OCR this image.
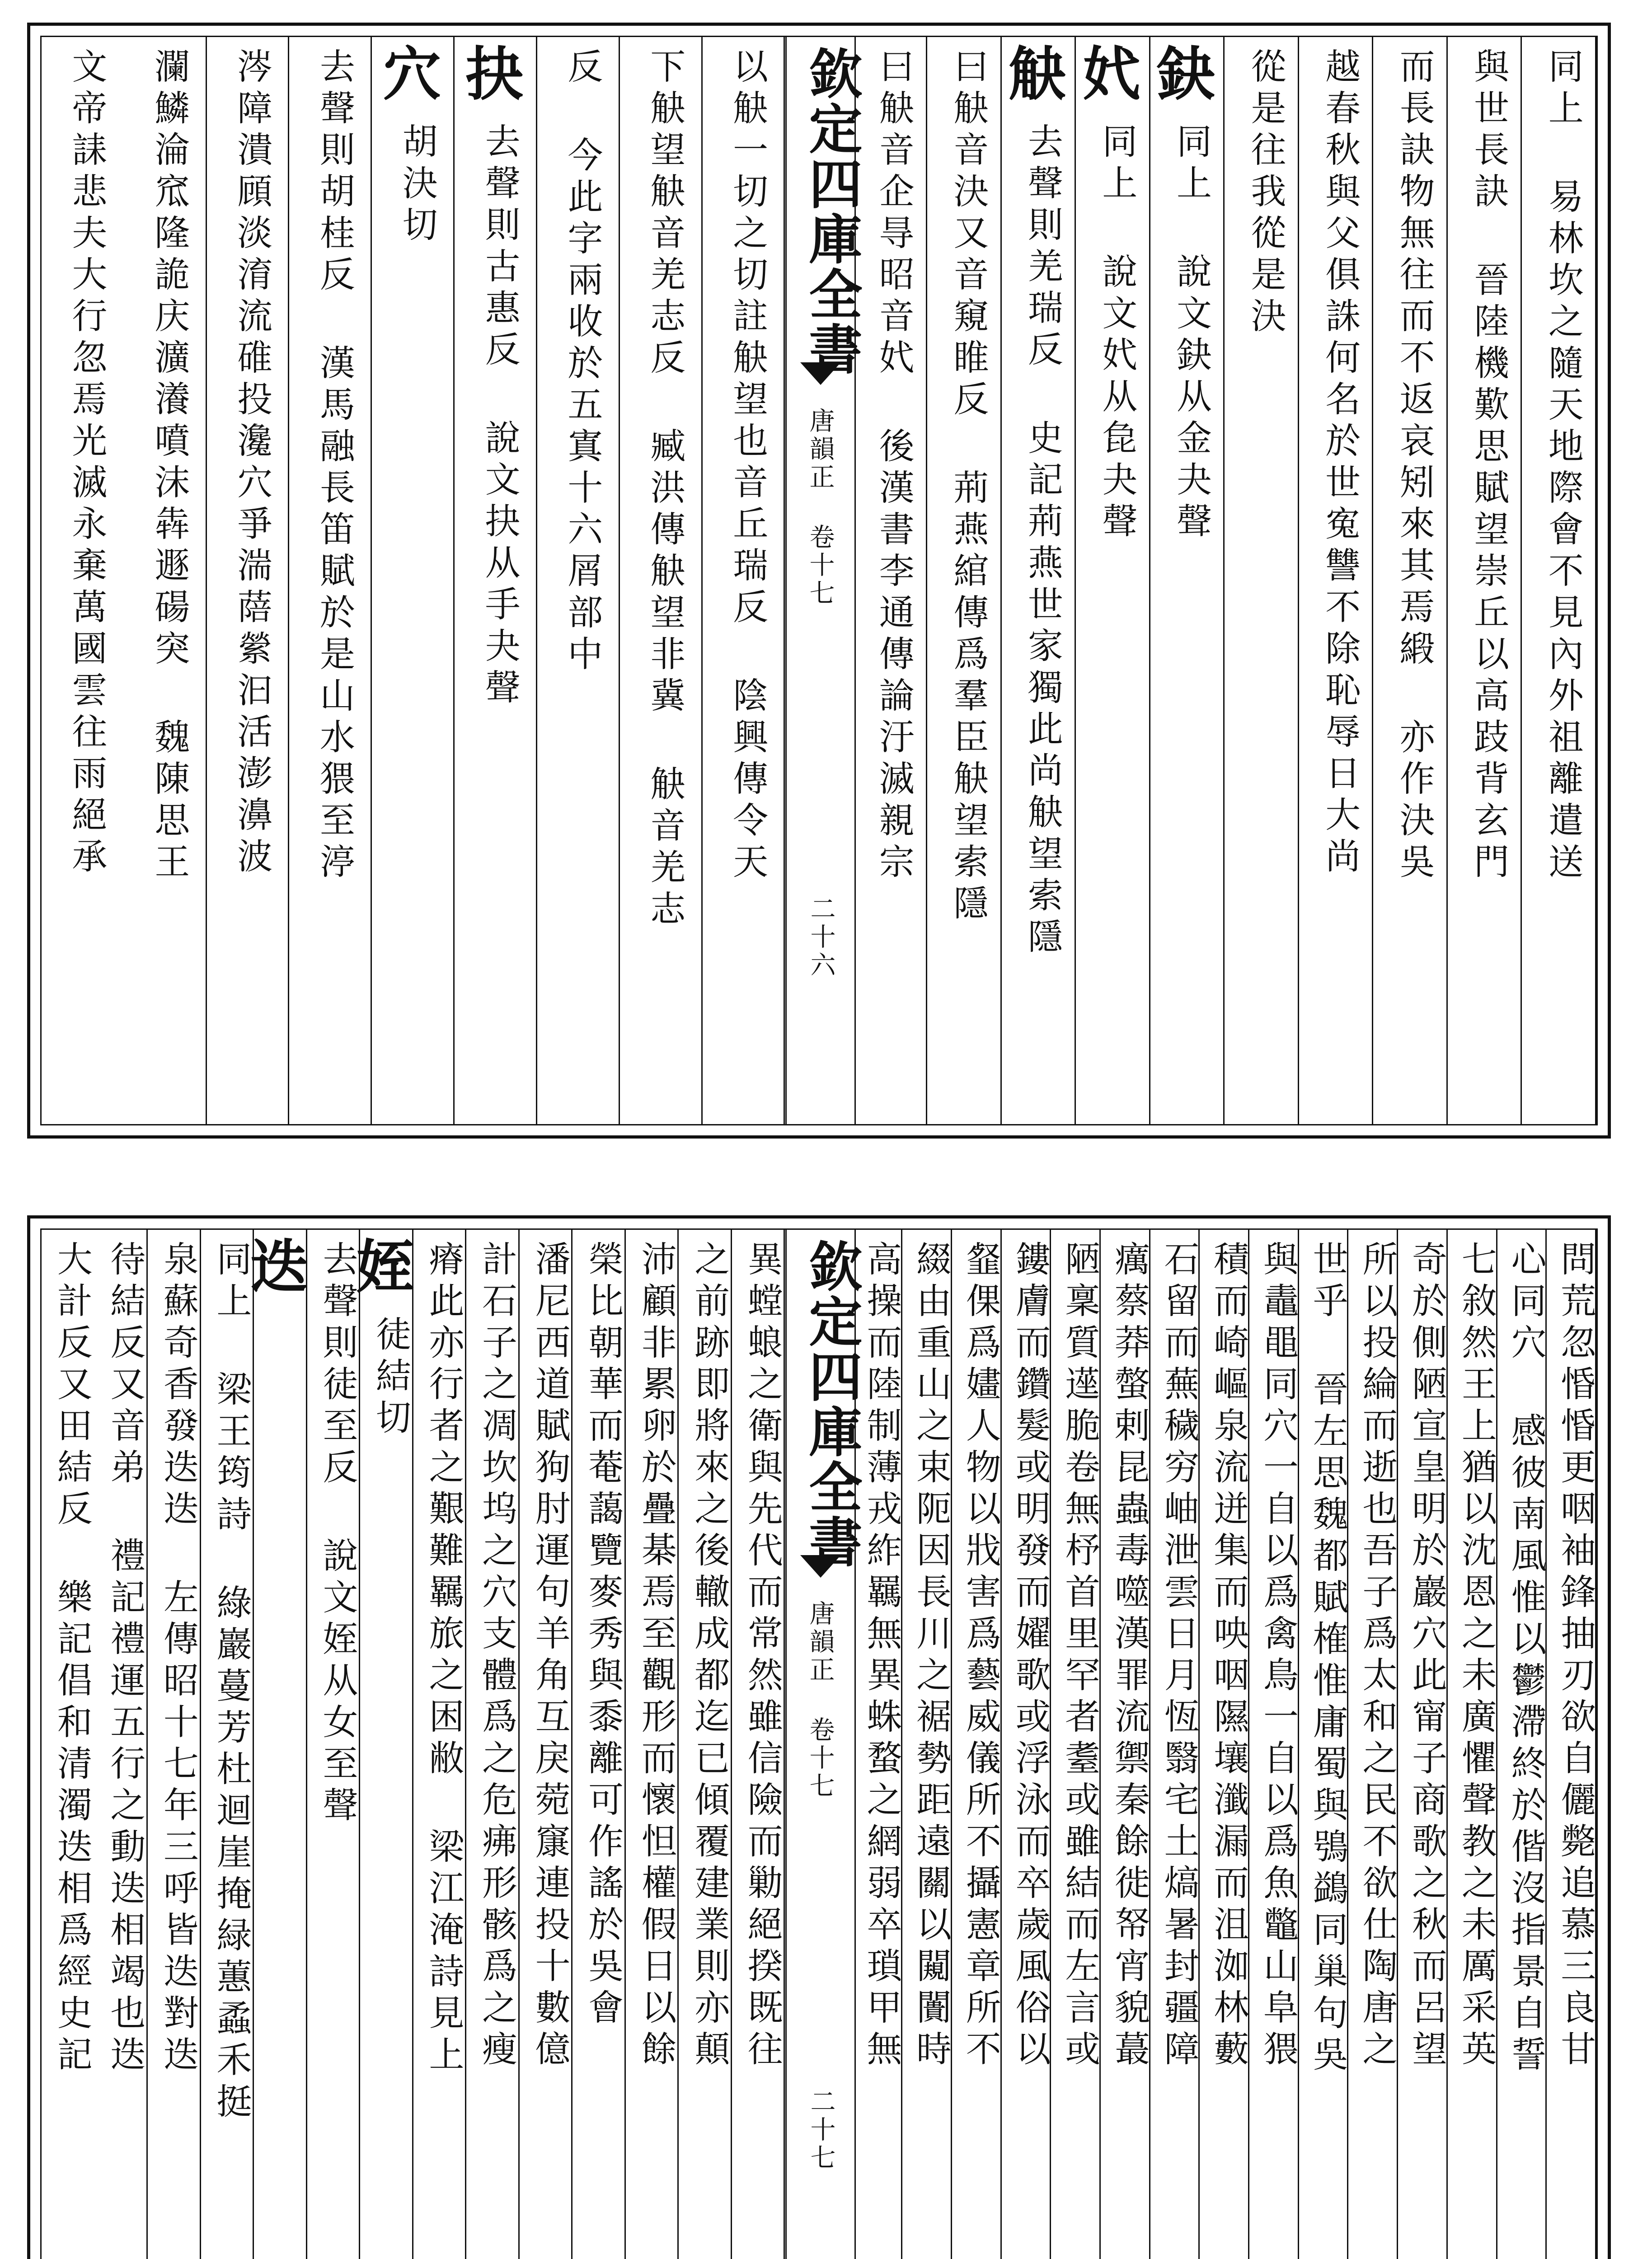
同上 易林坎之隨天地際會不見內外祖離遣送
與世長訣 晉陸機歎思賦望崇丘以高跂背玄門
而長訣物無往而不返哀矧來其焉緞 亦作決吳
越春秋與父俱誅何名於世寃讐不除恥辱日大尚
從是往我從是決
鈌
同上 說文鈌从金夬聲
㚤
同上 說文㚤从㲋夬聲
觖
去聲則羌瑞反 史記荊燕世家獨此尚觖望索隱
曰觖音決又音窺睢反 荊燕綰傳爲羣臣觖望索隱
曰觖音企㝵昭音㚤 後漢書李通傳論汙滅親宗
欽定四庫全書
唐韻正 卷十七
二十六
以觖一切之切註觖望也音丘瑞反 陰興傳令天
下觖望觖音羌志反 臧洪傳觖望非冀 觖音羌志
反 今此字兩收於五寘十六屑部中
抉
去聲則古惠反 說文抉从手夬聲
穴
胡決切
去聲則胡桂反 漢馬融長笛賦於是山水猥至渟
涔障潰頋淡淯流碓投瀺穴爭湍䔒縈汩活澎濞波
瀾鱗淪窊隆詭庆瀇瀁噴沫犇遯碭突 魏陳思王
文帝誄悲夫大行忽焉光滅永棄萬國雲往雨絕承
問荒忽惛惛更咽袖鋒抽刃欲自儷斃追慕三良甘
心同穴 感彼南風惟以鬱滯終於偕沒指景自誓
七敘然王上猶以沈恩之未廣懼聲教之未厲采英
奇於側陋宣皇明於巖穴此甯子商歌之秋而呂望
所以投綸而逝也吾子爲太和之民不欲仕陶唐之
世乎 晉左思魏都賦榷惟庸蜀與鴞鷁同巢句吳
與鼃黽同穴一自以爲禽鳥一自以爲魚鼈山阜猥
積而崎嶇泉流迸集而咉咽隰壤瀸漏而沮洳林藪
石留而蕪穢穷岫泄雲日月恆翳宅土熇暑封疆障
癘蔡莽螫剌昆蟲毒噬漢罪流禦秦餘徙帑宵貌蕞
陋稟質遳脆卷無杼首里罕者耋或雖結而左言或
鏤膚而鑽髮或明發而嬥歌或浮泳而卒歲風俗以
韰倮爲嫿人物以戕害爲藝威儀所不攝憲章所不
綴由重山之束阨因長川之裾勢距遠關以闚闠時
高操而陸制薄戎䋏羈無異蛛蝥之網弱卒瑣甲無
欽定四庫全書
唐韻正 卷十七
二十七
異螳蜋之衛與先代而常然雖信險而勦絕揆既往
之前跡即將來之後轍成都迄已傾覆建業則亦顛
沛顧非累卵於疊棊焉至觀形而懷怛權假日以餘
榮比朝華而菴藹覽麥秀與黍離可作謠於吳會
潘尼西道賦狗肘運句羊角互戾菀䆲連投十數億
計石子之凋坎坞之穴支體爲之危疿形骸爲之瘦
瘠此亦行者之艱難羈旅之困敝 梁江淹詩見上
姪
徒結切
去聲則徒至反 說文姪从女至聲
迭
同上 梁王筠詩 綠巖蔓芳杜迴崖掩緑蕙蟊禾挺
泉蘇奇香發迭迭 左傳昭十七年三呼皆迭對迭
待結反又音弟 禮記禮運五行之動迭相竭也迭
大計反又田結反 樂記倡和清濁迭相爲經史記
